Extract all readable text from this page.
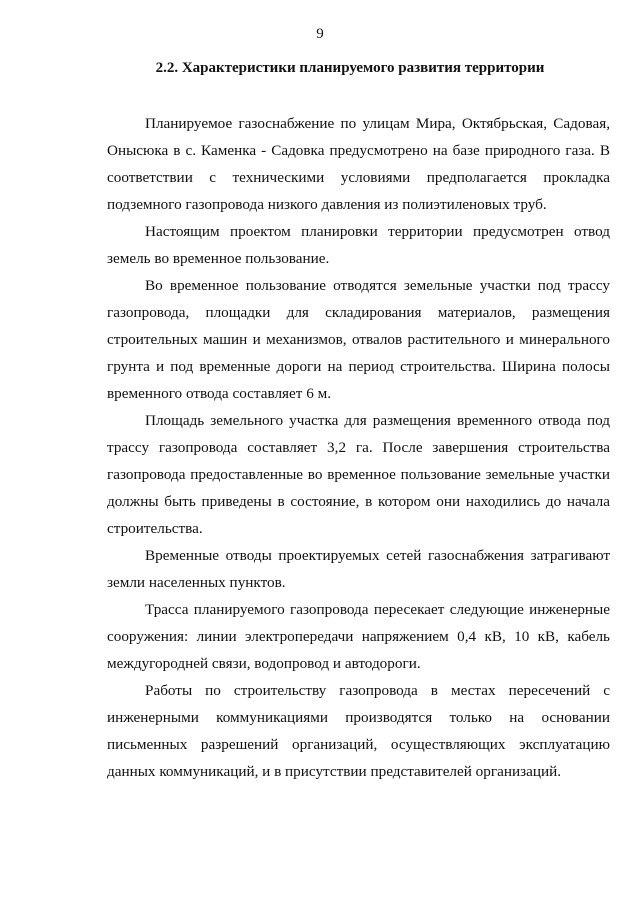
9
2.2. Характеристики планируемого развития территории

Планируемое газоснабжение по улицам Мира, Октябрьская, Садовая, Онысюка в с. Каменка - Садовка предусмотрено на базе природного газа. В соответствии с техническими условиями предполагается прокладка подземного газопровода низкого давления из полиэтиленовых труб.

Настоящим проектом планировки территории предусмотрен отвод земель во временное пользование.

Во временное пользование отводятся земельные участки под трассу газопровода, площадки для складирования материалов, размещения строительных машин и механизмов, отвалов растительного и минерального грунта и под временные дороги на период строительства. Ширина полосы временного отвода составляет 6 м.

Площадь земельного участка для размещения временного отвода под трассу газопровода составляет 3,2 га. После завершения строительства газопровода предоставленные во временное пользование земельные участки должны быть приведены в состояние, в котором они находились до начала строительства.

Временные отводы проектируемых сетей газоснабжения затрагивают земли населенных пунктов.

Трасса планируемого газопровода пересекает следующие инженерные сооружения: линии электропередачи напряжением 0,4 кВ, 10 кВ, кабель междугородней связи, водопровод и автодороги.

Работы по строительству газопровода в местах пересечений с инженерными коммуникациями производятся только на основании письменных разрешений организаций, осуществляющих эксплуатацию данных коммуникаций, и в присутствии представителей организаций.
